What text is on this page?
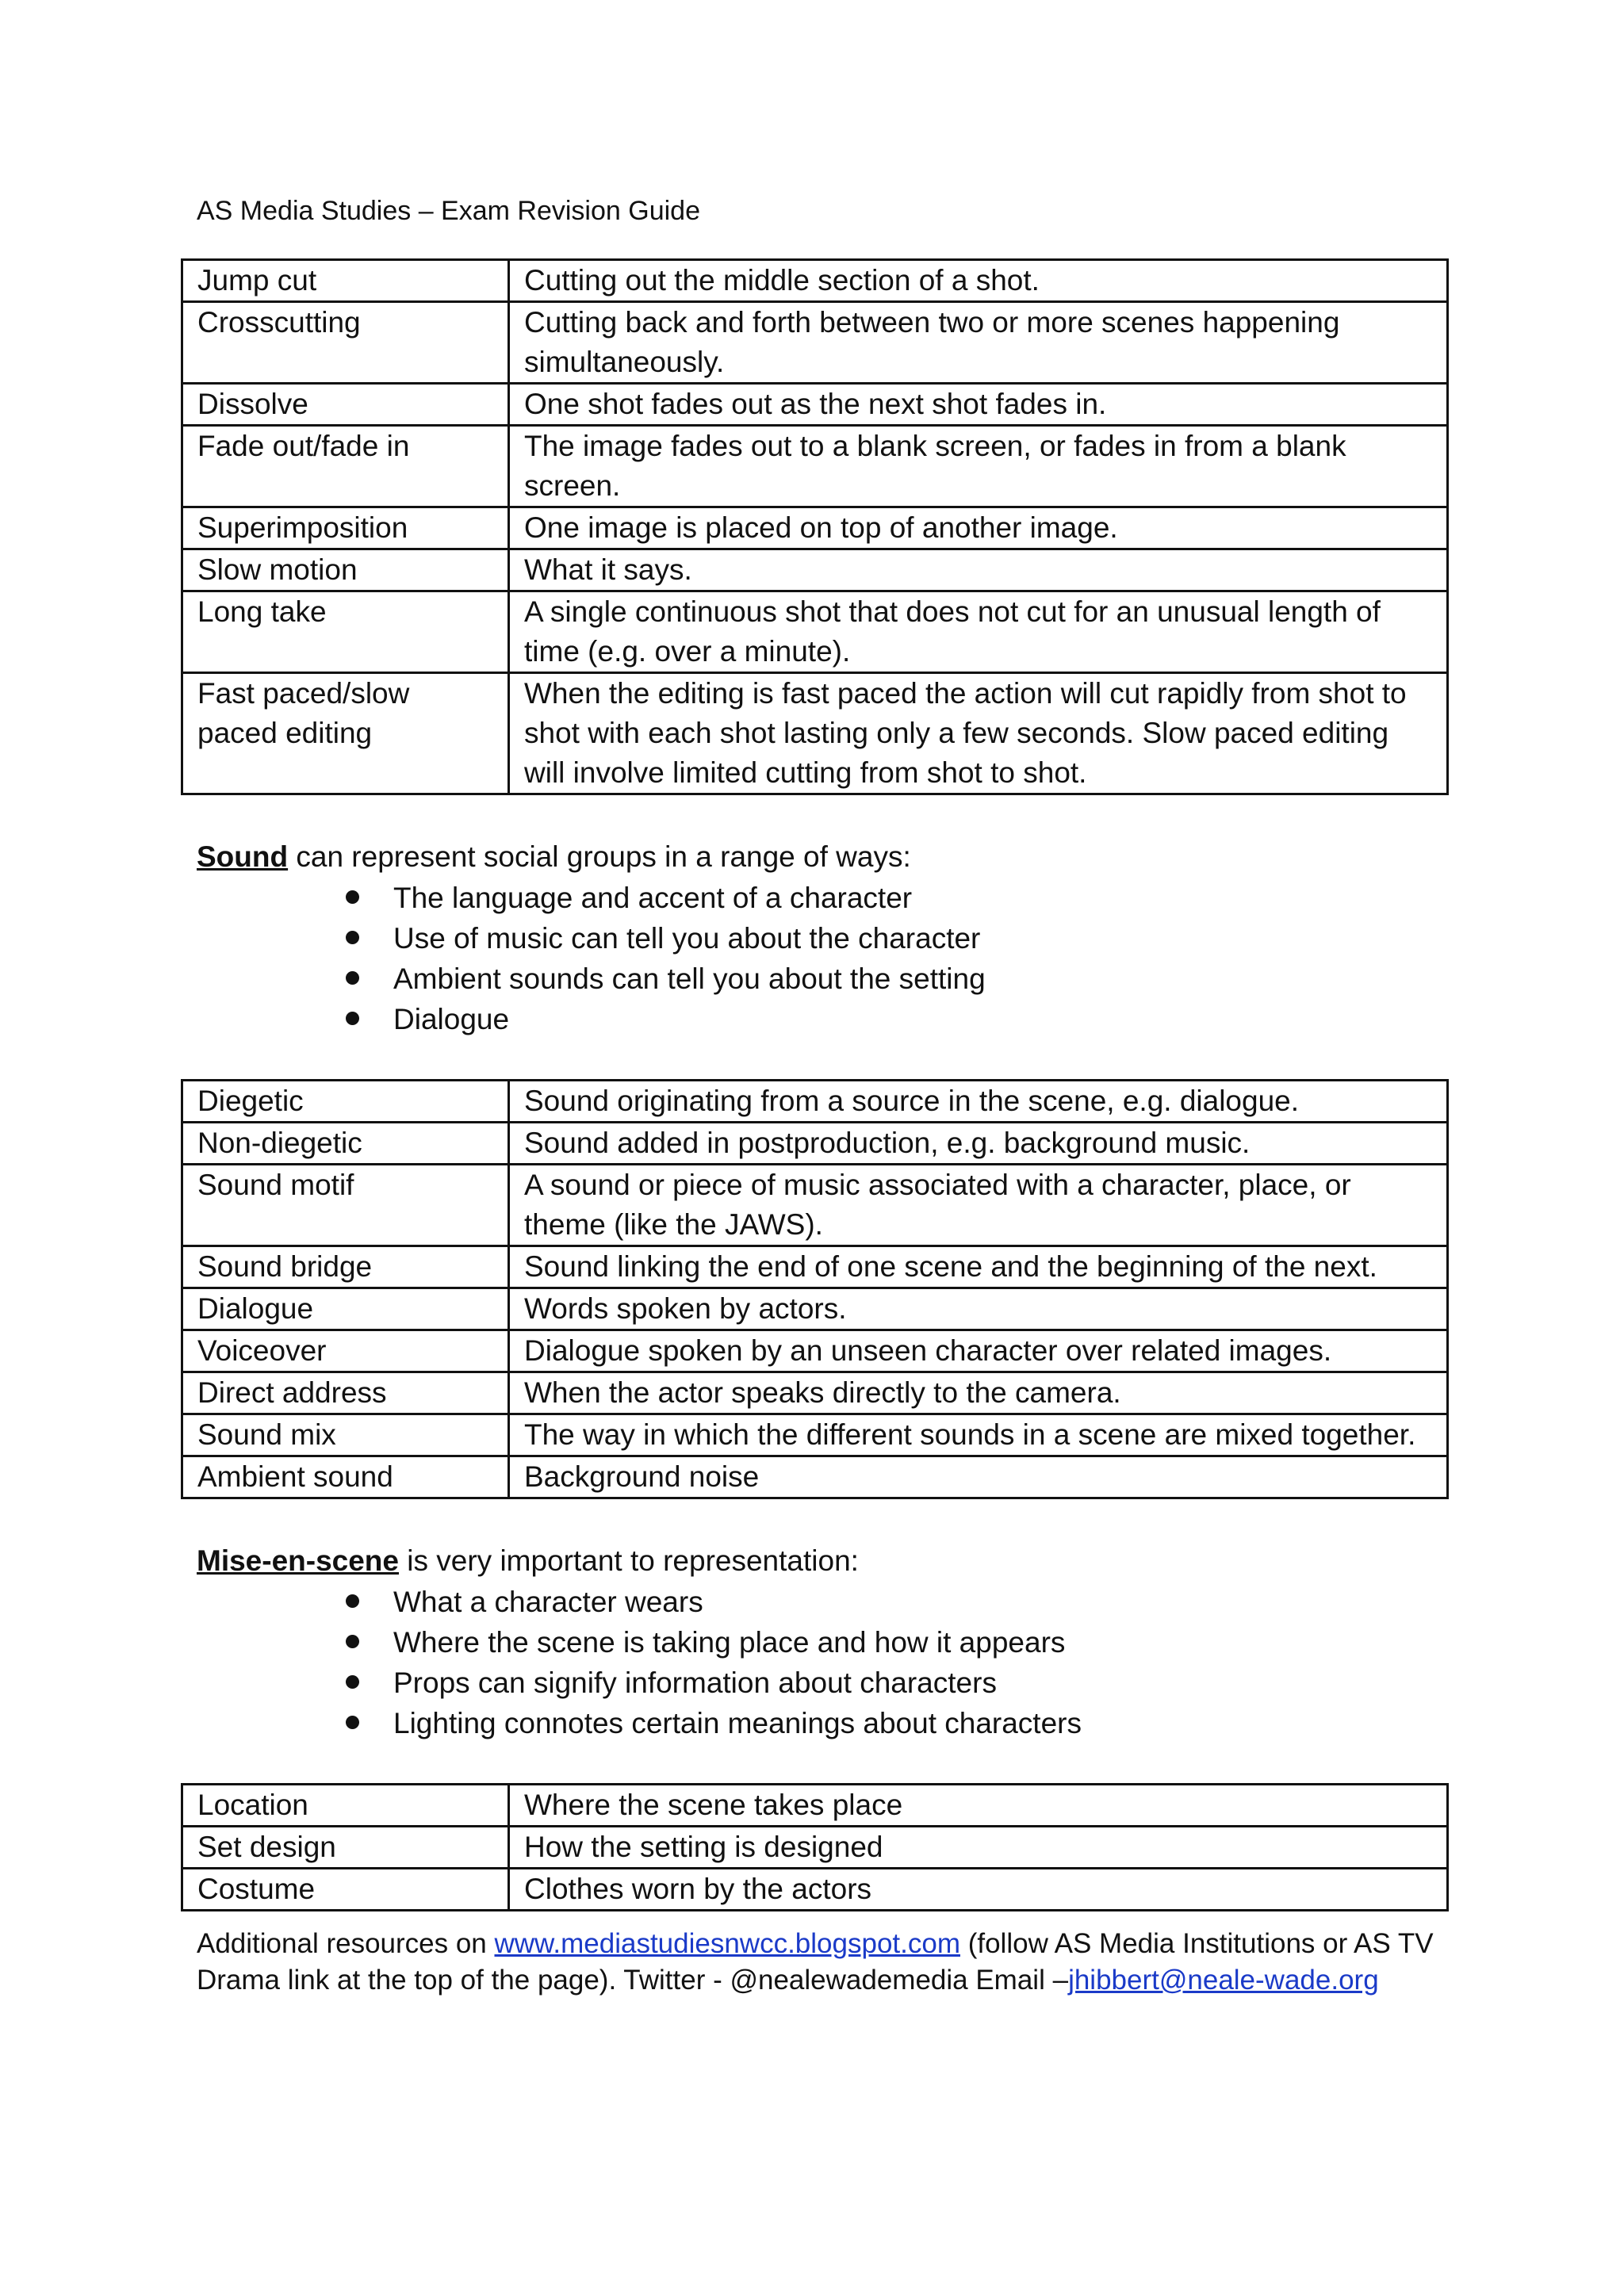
AS Media Studies – Exam Revision Guide
Jump cut	Cutting out the middle section of a shot.
Crosscutting	Cutting back and forth between two or more scenes happening simultaneously.
Dissolve	One shot fades out as the next shot fades in.
Fade out/fade in	The image fades out to a blank screen, or fades in from a blank screen.
Superimposition	One image is placed on top of another image.
Slow motion	What it says.
Long take	A single continuous shot that does not cut for an unusual length of time (e.g. over a minute).
Fast paced/slow paced editing	When the editing is fast paced the action will cut rapidly from shot to shot with each shot lasting only a few seconds. Slow paced editing will involve limited cutting from shot to shot.
Sound can represent social groups in a range of ways:
The language and accent of a character
Use of music can tell you about the character
Ambient sounds can tell you about the setting
Dialogue
Diegetic	Sound originating from a source in the scene, e.g. dialogue.
Non-diegetic	Sound added in postproduction, e.g. background music.
Sound motif	A sound or piece of music associated with a character, place, or theme (like the JAWS).
Sound bridge	Sound linking the end of one scene and the beginning of the next.
Dialogue	Words spoken by actors.
Voiceover	Dialogue spoken by an unseen character over related images.
Direct address	When the actor speaks directly to the camera.
Sound mix	The way in which the different sounds in a scene are mixed together.
Ambient sound	Background noise
Mise-en-scene is very important to representation:
What a character wears
Where the scene is taking place and how it appears
Props can signify information about characters
Lighting connotes certain meanings about characters
Location	Where the scene takes place
Set design	How the setting is designed
Costume	Clothes worn by the actors
Additional resources on www.mediastudiesnwcc.blogspot.com (follow AS Media Institutions or AS TV Drama link at the top of the page). Twitter - @nealewademedia Email –jhibbert@neale-wade.org
